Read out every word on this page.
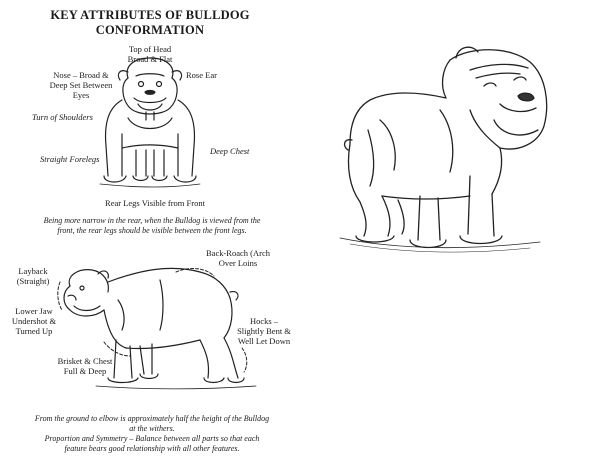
KEY ATTRIBUTES OF BULLDOG CONFORMATION
Top of Head Broad & Flat
Nose – Broad & Deep Set Between Eyes
Rose Ear
Turn of Shoulders
Deep Chest
Straight Forelegs
Rear Legs Visible from Front
Being more narrow in the rear, when the Bulldog is viewed from the front, the rear legs should be visible between the front legs.
Back-Roach (Arch Over Loins
Layback (Straight)
Lower Jaw Undershot & Turned Up
Hocks – Slightly Bent & Well Let Down
Brisket & Chest Full & Deep
From the ground to elbow is approximately half the height of the Bulldog at the withers.
Proportion and Symmetry – Balance between all parts so that each feature bears good relationship with all other features.
